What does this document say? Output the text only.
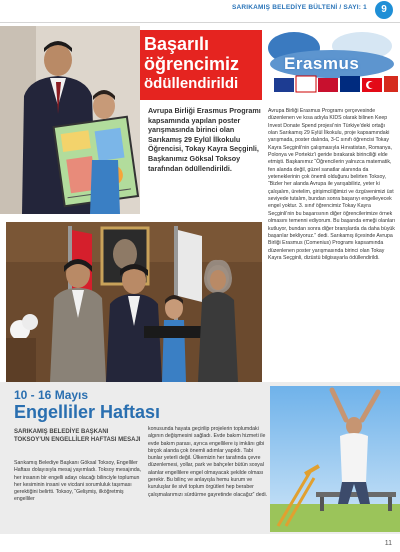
SARIKAMIŞ BELEDİYE BÜLTENİ / SAYI: 1	9
Başarılı
öğrencimiz
ödüllendirildi
Erasmus
Avrupa Birliği Erasmus Programı kapsamında yapılan poster yarışmasında birinci olan Sarıkamış 29 Eylül İlkokulu Öğrencisi, Tokay Kayra Seçginli, Başkanımız Göksal Toksoy tarafından ödüllendirildi.
Avrupa Birliği Erasmus Programı çerçevesinde düzenlenen ve kısa adıyla KIDS olarak bilinen Keep Invest Donate Spend projesi’nin Türkiye’deki ortağı olan Sarıkamış 29 Eylül İlkokulu, proje kapsamındaki yarışmada, poster dalında, 3-C sınıfı öğrencisi Tokay Kayra Seçginli’nin çalışmasıyla Hırvatistan, Romanya, Polonya ve Portekiz’i geride bırakarak birinciliği elde etmişti. Başkanımız “Öğrencilerin yalnızca matematik, fen alanda değil, güzel sanatlar alanında da yeteneklerinin çok önemli olduğunu belirten Toksoy, “Bizler her alanda Avrupa ile yarışabiliriz, yeter ki çalışalım, üretelim, girişimciliğimizi ve özgüvenimizi üst seviyede tutalım, bundan sonra başarıyı engelleyecek engel yoktur. 3. sınıf öğrencimiz Tokay Kayra Seçginli’nin bu başarısının diğer öğrencilerimize örnek olmasını temenni ediyorum. Bu başarıda emeği olanları kutluyor, bundan sonra diğer branşlarda da daha büyük başarılar bekliyoruz.” dedi. Sarıkamış ilçesinde Avrupa Birliği Erasmus (Comenius) Programı kapsamında düzenlenen poster yarışmasında birinci olan Tokay Kayra Seçginli, dizüstü bilgisayarla ödüllendirildi.
10 - 16 Mayıs
Engelliler Haftası
SARIKAMIŞ BELEDİYE BAŞKANI TOKSOY’UN ENGELLİLER HAFTASI MESAJI
Sarıkamış Belediye Başkanı Göksal Toksoy, Engelliler Haftası dolayısıyla mesaj yayımladı. Toksoy mesajında, her insanın bir engelli adayı olacağı bilinciyle toplumun her kesiminin insani ve vicdani sorumluluk taşıması gerektiğini belirtti. Toksoy, “Gelişmiş, ilköğretmiş engelliler
konusunda hayata geçirilip projelerin toplumdaki algının değişmesini sağladı. Evde bakım hizmeti ile evde bakım parası, ayrıca engellilere iş imkânı gibi birçok alanda çok önemli adımlar yapıldı. Tabi bunlar yeterli değil. Ülkemizin her tarafında çevre düzenlemesi, yollar, park ve bahçeler bütün sosyal alanlar engellilere engel olmayacak şekilde olması gerekir. Bu bilinç ve anlayışla hemu kurum ve kuruluşlar ile sivil toplum örgütleri hep beraber çalışmalarımızı sürdürme gayretinde olacağız” dedi.
11
